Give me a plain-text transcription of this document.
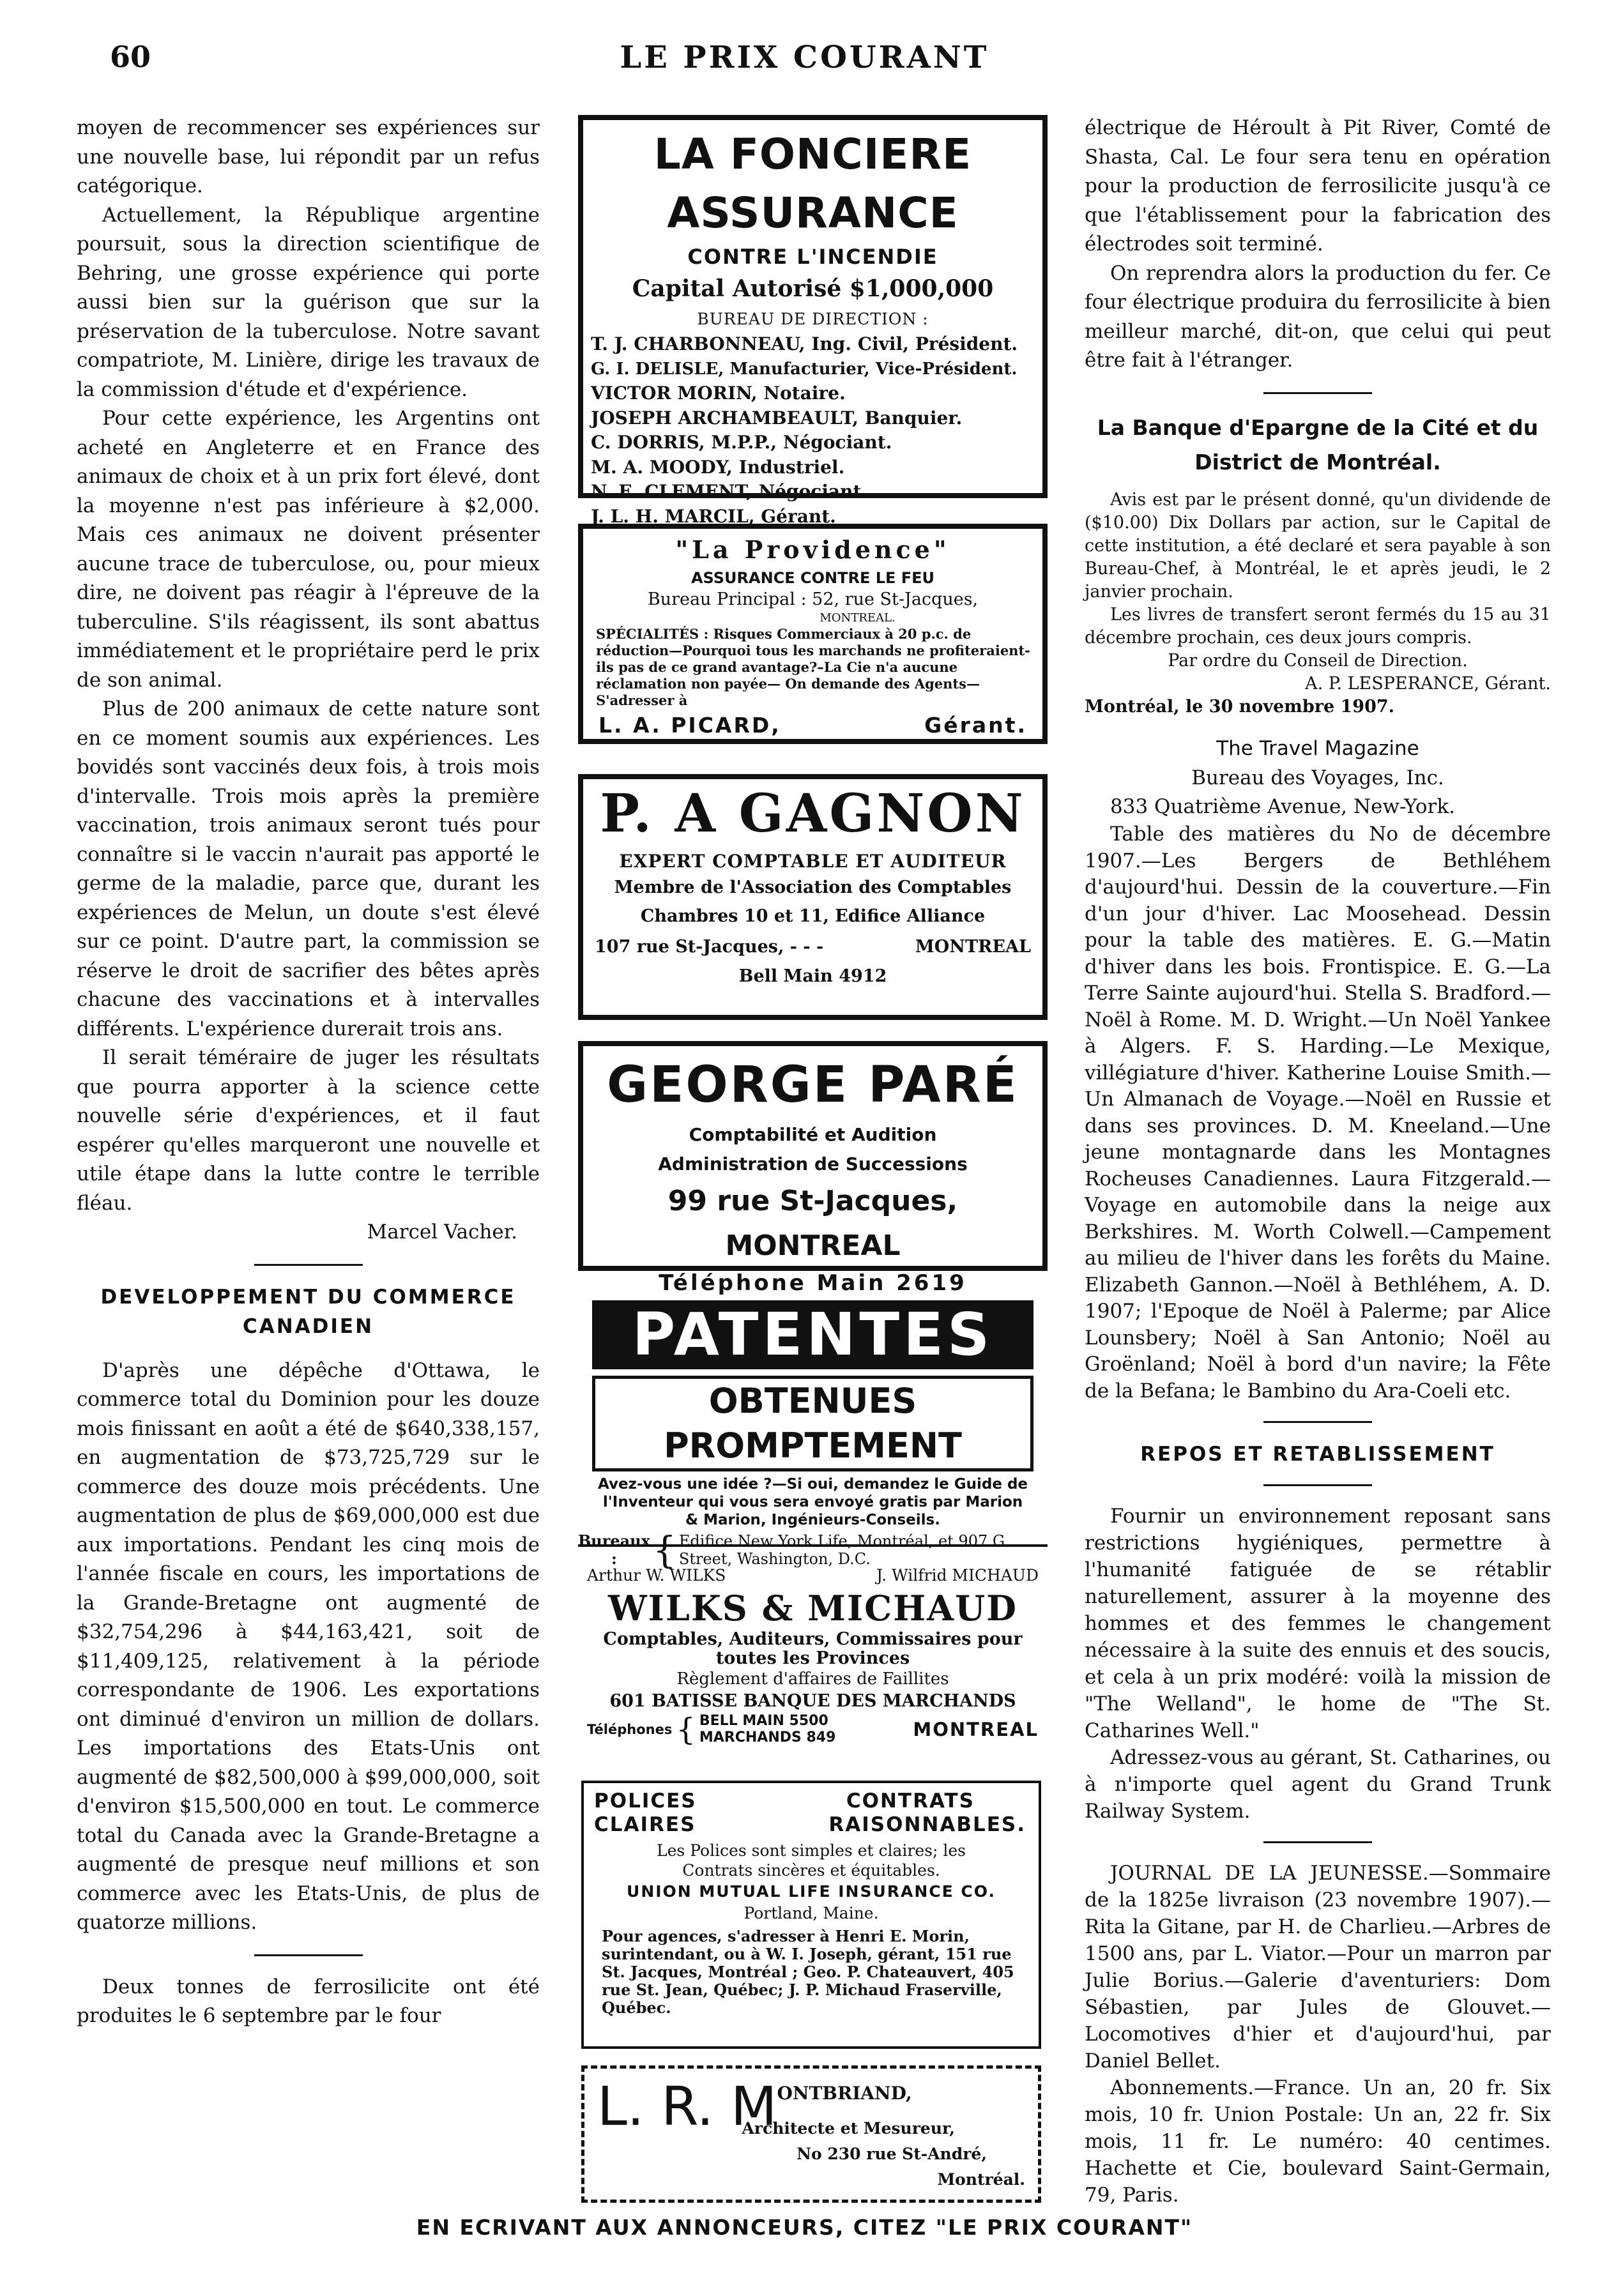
60	LE PRIX COURANT

moyen de recommencer ses expériences sur une nouvelle base, lui répondit par un refus catégorique.

Actuellement, la République argentine poursuit, sous la direction scientifique de Behring, une grosse expérience qui porte aussi bien sur la guérison que sur la préservation de la tuberculose. Notre savant compatriote, M. Linière, dirige les travaux de la commission d'étude et d'expérience.

Pour cette expérience, les Argentins ont acheté en Angleterre et en France des animaux de choix et à un prix fort élevé, dont la moyenne n'est pas inférieure à $2,000. Mais ces animaux ne doivent présenter aucune trace de tuberculose, ou, pour mieux dire, ne doivent pas réagir à l'épreuve de la tuberculine. S'ils réagissent, ils sont abattus immédiatement et le propriétaire perd le prix de son animal.

Plus de 200 animaux de cette nature sont en ce moment soumis aux expériences. Les bovidés sont vaccinés deux fois, à trois mois d'intervalle. Trois mois après la première vaccination, trois animaux seront tués pour connaître si le vaccin n'aurait pas apporté le germe de la maladie, parce que, durant les expériences de Melun, un doute s'est élevé sur ce point. D'autre part, la commission se réserve le droit de sacrifier des bêtes après chacune des vaccinations et à intervalles différents. L'expérience durerait trois ans.

Il serait téméraire de juger les résultats que pourra apporter à la science cette nouvelle série d'expériences, et il faut espérer qu'elles marqueront une nouvelle et utile étape dans la lutte contre le terrible fléau.

Marcel Vacher.

DEVELOPPEMENT DU COMMERCE CANADIEN

D'après une dépêche d'Ottawa, le commerce total du Dominion pour les douze mois finissant en août a été de $640,338,157, en augmentation de $73,725,729 sur le commerce des douze mois précédents. Une augmentation de plus de $69,000,000 est due aux importations. Pendant les cinq mois de l'année fiscale en cours, les importations de la Grande-Bretagne ont augmenté de $32,754,296 à $44,163,421, soit de $11,409,125, relativement à la période correspondante de 1906. Les exportations ont diminué d'environ un million de dollars. Les importations des Etats-Unis ont augmenté de $82,500,000 à $99,000,000, soit d'environ $15,500,000 en tout. Le commerce total du Canada avec la Grande-Bretagne a augmenté de presque neuf millions et son commerce avec les Etats-Unis, de plus de quatorze millions.

Deux tonnes de ferrosilicite ont été produites le 6 septembre par le four

LA FONCIERE ASSURANCE
CONTRE L'INCENDIE
Capital Autorisé $1,000,000
BUREAU DE DIRECTION :
T. J. CHARBONNEAU, Ing. Civil, Président.
G. I. DELISLE, Manufacturier, Vice-Président.
VICTOR MORIN, Notaire.
JOSEPH ARCHAMBEAULT, Banquier.
C. DORRIS, M.P.P., Négociant.
M. A. MOODY, Industriel.
N. E. CLEMENT, Négociant.
J. L. H. MARCIL, Gérant.
"La Providence"
ASSURANCE CONTRE LE FEU
Bureau Principal : 52, rue St-Jacques,
MONTREAL.
SPÉCIALITÉS : Risques Commerciaux à 20 p.c. de réduction—Pourquoi tous les marchands ne profiteraient-ils pas de ce grand avantage?–La Cie n'a aucune réclamation non payée— On demande des Agents—S'adresser à
L. A. PICARD,	Gérant.
P. A GAGNON
EXPERT COMPTABLE ET AUDITEUR
Membre de l'Association des Comptables
Chambres 10 et 11, Edifice Alliance
107 rue St-Jacques, - - -	MONTREAL
Bell Main 4912
GEORGE PARÉ
Comptabilité et Audition
Administration de Successions
99 rue St-Jacques, MONTREAL
Téléphone Main 2619
PATENTES
OBTENUES PROMPTEMENT
Avez-vous une idée ?—Si oui, demandez le Guide de l'Inventeur qui vous sera envoyé gratis par Marion & Marion, Ingénieurs-Conseils.
Bureaux : { Edifice New York Life, Montréal, et 907 G Street, Washington, D.C.
Arthur W. WILKS	J. Wilfrid MICHAUD
WILKS & MICHAUD
Comptables, Auditeurs, Commissaires pour toutes les Provinces
Règlement d'affaires de Faillites
601 BATISSE BANQUE DES MARCHANDS
Téléphones { BELL MAIN 5500 MARCHANDS 849	MONTREAL
POLICES	CONTRATS
CLAIRES	RAISONNABLES.
Les Polices sont simples et claires; les Contrats sincères et équitables.
UNION MUTUAL LIFE INSURANCE CO.
Portland, Maine.
Pour agences, s'adresser à Henri E. Morin, surintendant, ou à W. I. Joseph, gérant, 151 rue St. Jacques, Montréal ; Geo. P. Chateauvert, 405 rue St. Jean, Québec; J. P. Michaud Fraserville, Québec.
L. R. $M^{ONTBRIAND,}$
Architecte et Mesureur,
No 230 rue St-André,
Montréal.

électrique de Héroult à Pit River, Comté de Shasta, Cal. Le four sera tenu en opération pour la production de ferrosilicite jusqu'à ce que l'établissement pour la fabrication des électrodes soit terminé.

On reprendra alors la production du fer. Ce four électrique produira du ferrosilicite à bien meilleur marché, dit-on, que celui qui peut être fait à l'étranger.

La Banque d'Epargne de la Cité et du District de Montréal.

Avis est par le présent donné, qu'un dividende de ($10.00) Dix Dollars par action, sur le Capital de cette institution, a été declaré et sera payable à son Bureau-Chef, à Montréal, le et après jeudi, le 2 janvier prochain.

Les livres de transfert seront fermés du 15 au 31 décembre prochain, ces deux jours compris.

Par ordre du Conseil de Direction.

A. P. LESPERANCE, Gérant.

Montréal, le 30 novembre 1907.

The Travel Magazine
Bureau des Voyages, Inc.

833 Quatrième Avenue, New-York.

Table des matières du No de décembre 1907.—Les Bergers de Bethléhem d'aujourd'hui. Dessin de la couverture.—Fin d'un jour d'hiver. Lac Moosehead. Dessin pour la table des matières. E. G.—Matin d'hiver dans les bois. Frontispice. E. G.—La Terre Sainte aujourd'hui. Stella S. Bradford.—Noël à Rome. M. D. Wright.—Un Noël Yankee à Algers. F. S. Harding.—Le Mexique, villégiature d'hiver. Katherine Louise Smith.—Un Almanach de Voyage.—Noël en Russie et dans ses provinces. D. M. Kneeland.—Une jeune montagnarde dans les Montagnes Rocheuses Canadiennes. Laura Fitzgerald.—Voyage en automobile dans la neige aux Berkshires. M. Worth Colwell.—Campement au milieu de l'hiver dans les forêts du Maine. Elizabeth Gannon.—Noël à Bethléhem, A. D. 1907; l'Epoque de Noël à Palerme; par Alice Lounsbery; Noël à San Antonio; Noël au Groënland; Noël à bord d'un navire; la Fête de la Befana; le Bambino du Ara-Coeli etc.

REPOS ET RETABLISSEMENT

Fournir un environnement reposant sans restrictions hygiéniques, permettre à l'humanité fatiguée de se rétablir naturellement, assurer à la moyenne des hommes et des femmes le changement nécessaire à la suite des ennuis et des soucis, et cela à un prix modéré: voilà la mission de "The Welland", le home de "The St. Catharines Well."

Adressez-vous au gérant, St. Catharines, ou à n'importe quel agent du Grand Trunk Railway System.

JOURNAL DE LA JEUNESSE.—Sommaire de la 1825e livraison (23 novembre 1907).—Rita la Gitane, par H. de Charlieu.—Arbres de 1500 ans, par L. Viator.—Pour un marron par Julie Borius.—Galerie d'aventuriers: Dom Sébastien, par Jules de Glouvet.—Locomotives d'hier et d'aujourd'hui, par Daniel Bellet.

Abonnements.—France. Un an, 20 fr. Six mois, 10 fr. Union Postale: Un an, 22 fr. Six mois, 11 fr. Le numéro: 40 centimes. Hachette et Cie, boulevard Saint-Germain, 79, Paris.

EN ECRIVANT AUX ANNONCEURS, CITEZ "LE PRIX COURANT"
